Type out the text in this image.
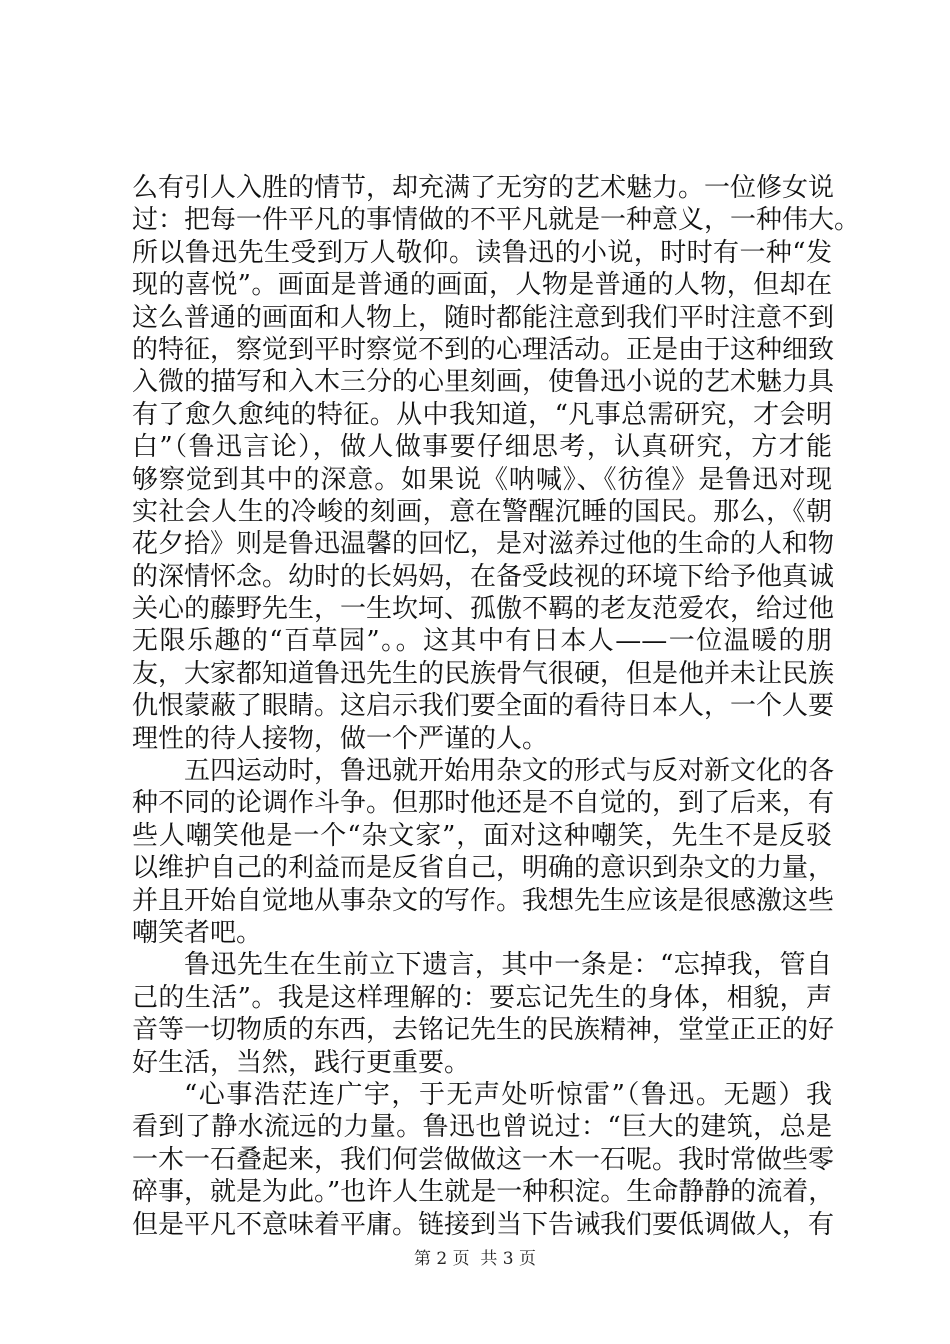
么有引人入胜的情节，却充满了无穷的艺术魅力。一位修女说
过：把每一件平凡的事情做的不平凡就是一种意义，一种伟大。
所以鲁迅先生受到万人敬仰。读鲁迅的小说，时时有一种“发
现的喜悦”。画面是普通的画面，人物是普通的人物，但却在
这么普通的画面和人物上，随时都能注意到我们平时注意不到
的特征，察觉到平时察觉不到的心理活动。正是由于这种细致
入微的描写和入木三分的心里刻画，使鲁迅小说的艺术魅力具
有了愈久愈纯的特征。从中我知道，“凡事总需研究，才会明
白”（鲁迅言论），做人做事要仔细思考，认真研究，方才能
够察觉到其中的深意。如果说《呐喊》、《彷徨》是鲁迅对现
实社会人生的冷峻的刻画，意在警醒沉睡的国民。那么，《朝
花夕拾》则是鲁迅温馨的回忆，是对滋养过他的生命的人和物
的深情怀念。幼时的长妈妈，在备受歧视的环境下给予他真诚
关心的藤野先生，一生坎坷、孤傲不羁的老友范爱农，给过他
无限乐趣的“百草园”。。这其中有日本人——一位温暖的朋
友，大家都知道鲁迅先生的民族骨气很硬，但是他并未让民族
仇恨蒙蔽了眼睛。这启示我们要全面的看待日本人，一个人要
理性的待人接物，做一个严谨的人。
五四运动时，鲁迅就开始用杂文的形式与反对新文化的各
种不同的论调作斗争。但那时他还是不自觉的，到了后来，有
些人嘲笑他是一个“杂文家”，面对这种嘲笑，先生不是反驳
以维护自己的利益而是反省自己，明确的意识到杂文的力量，
并且开始自觉地从事杂文的写作。我想先生应该是很感激这些
嘲笑者吧。
鲁迅先生在生前立下遗言，其中一条是：“忘掉我，管自
己的生活”。我是这样理解的：要忘记先生的身体，相貌，声
音等一切物质的东西，去铭记先生的民族精神，堂堂正正的好
好生活，当然，践行更重要。
“心事浩茫连广宇，于无声处听惊雷”（鲁迅。无题）我
看到了静水流远的力量。鲁迅也曾说过：“巨大的建筑，总是
一木一石叠起来，我们何尝做做这一木一石呢。我时常做些零
碎事，就是为此。”也许人生就是一种积淀。生命静静的流着，
但是平凡不意味着平庸。链接到当下告诫我们要低调做人，有
第 2 页  共 3 页
